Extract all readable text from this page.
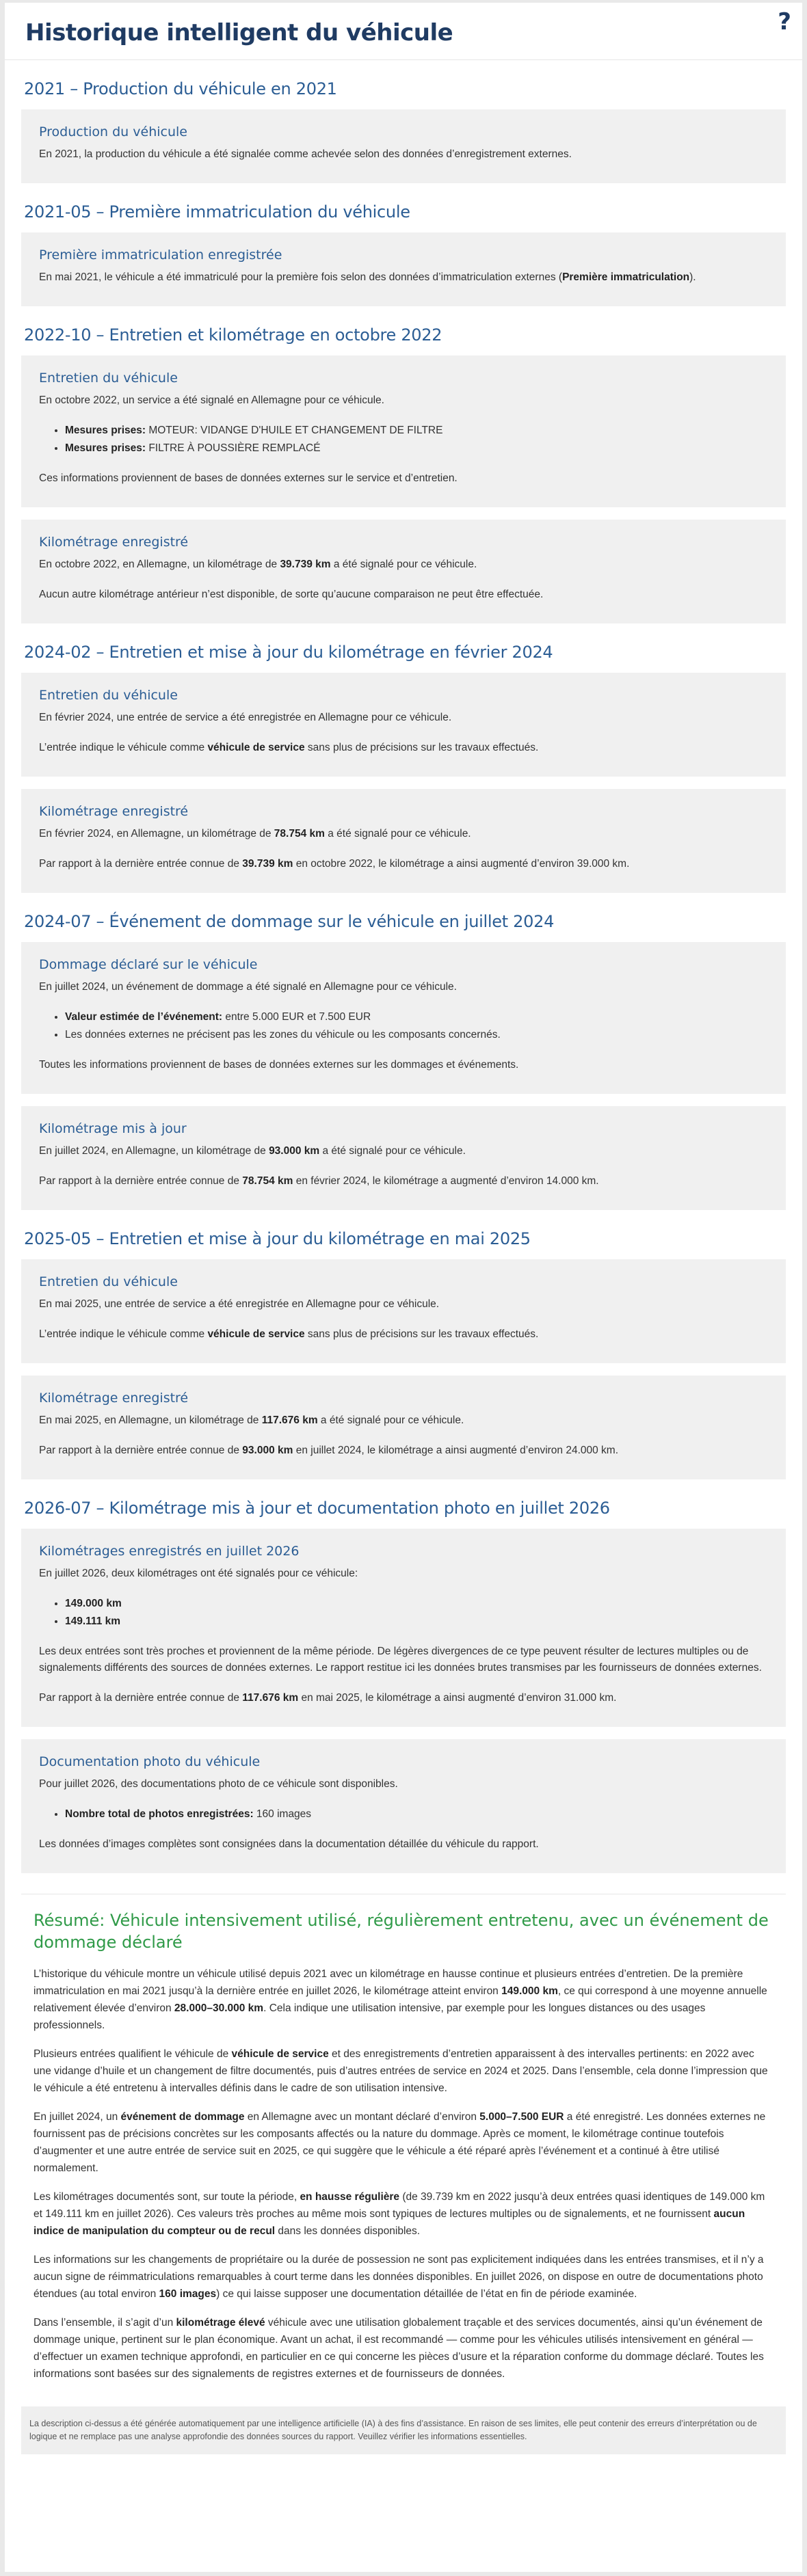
Historique intelligent du véhicule	?
2021 – Production du véhicule en 2021
Production du véhicule

En 2021, la production du véhicule a été signalée comme achevée selon des données d’enregistrement externes.

2021-05 – Première immatriculation du véhicule
Première immatriculation enregistrée

En mai 2021, le véhicule a été immatriculé pour la première fois selon des données d’immatriculation externes (Première immatriculation).

2022-10 – Entretien et kilométrage en octobre 2022
Entretien du véhicule

En octobre 2022, un service a été signalé en Allemagne pour ce véhicule.

• Mesures prises: MOTEUR: VIDANGE D'HUILE ET CHANGEMENT DE FILTRE
• Mesures prises: FILTRE À POUSSIÈRE REMPLACÉ

Ces informations proviennent de bases de données externes sur le service et d’entretien.

Kilométrage enregistré

En octobre 2022, en Allemagne, un kilométrage de 39.739 km a été signalé pour ce véhicule.

Aucun autre kilométrage antérieur n’est disponible, de sorte qu’aucune comparaison ne peut être effectuée.

2024-02 – Entretien et mise à jour du kilométrage en février 2024
Entretien du véhicule

En février 2024, une entrée de service a été enregistrée en Allemagne pour ce véhicule.

L’entrée indique le véhicule comme véhicule de service sans plus de précisions sur les travaux effectués.

Kilométrage enregistré

En février 2024, en Allemagne, un kilométrage de 78.754 km a été signalé pour ce véhicule.

Par rapport à la dernière entrée connue de 39.739 km en octobre 2022, le kilométrage a ainsi augmenté d’environ 39.000 km.

2024-07 – Événement de dommage sur le véhicule en juillet 2024
Dommage déclaré sur le véhicule

En juillet 2024, un événement de dommage a été signalé en Allemagne pour ce véhicule.

• Valeur estimée de l’événement: entre 5.000 EUR et 7.500 EUR
• Les données externes ne précisent pas les zones du véhicule ou les composants concernés.

Toutes les informations proviennent de bases de données externes sur les dommages et événements.

Kilométrage mis à jour

En juillet 2024, en Allemagne, un kilométrage de 93.000 km a été signalé pour ce véhicule.

Par rapport à la dernière entrée connue de 78.754 km en février 2024, le kilométrage a augmenté d’environ 14.000 km.

2025-05 – Entretien et mise à jour du kilométrage en mai 2025
Entretien du véhicule

En mai 2025, une entrée de service a été enregistrée en Allemagne pour ce véhicule.

L’entrée indique le véhicule comme véhicule de service sans plus de précisions sur les travaux effectués.

Kilométrage enregistré

En mai 2025, en Allemagne, un kilométrage de 117.676 km a été signalé pour ce véhicule.

Par rapport à la dernière entrée connue de 93.000 km en juillet 2024, le kilométrage a ainsi augmenté d’environ 24.000 km.

2026-07 – Kilométrage mis à jour et documentation photo en juillet 2026
Kilométrages enregistrés en juillet 2026

En juillet 2026, deux kilométrages ont été signalés pour ce véhicule:

• 149.000 km
• 149.111 km

Les deux entrées sont très proches et proviennent de la même période. De légères divergences de ce type peuvent résulter de lectures multiples ou de signalements différents des sources de données externes. Le rapport restitue ici les données brutes transmises par les fournisseurs de données externes.

Par rapport à la dernière entrée connue de 117.676 km en mai 2025, le kilométrage a ainsi augmenté d’environ 31.000 km.

Documentation photo du véhicule

Pour juillet 2026, des documentations photo de ce véhicule sont disponibles.

• Nombre total de photos enregistrées: 160 images

Les données d’images complètes sont consignées dans la documentation détaillée du véhicule du rapport.

Résumé: Véhicule intensivement utilisé, régulièrement entretenu, avec un événement de dommage déclaré

L’historique du véhicule montre un véhicule utilisé depuis 2021 avec un kilométrage en hausse continue et plusieurs entrées d’entretien. De la première immatriculation en mai 2021 jusqu’à la dernière entrée en juillet 2026, le kilométrage atteint environ 149.000 km, ce qui correspond à une moyenne annuelle relativement élevée d’environ 28.000–30.000 km. Cela indique une utilisation intensive, par exemple pour les longues distances ou des usages professionnels.

Plusieurs entrées qualifient le véhicule de véhicule de service et des enregistrements d’entretien apparaissent à des intervalles pertinents: en 2022 avec une vidange d’huile et un changement de filtre documentés, puis d’autres entrées de service en 2024 et 2025. Dans l’ensemble, cela donne l’impression que le véhicule a été entretenu à intervalles définis dans le cadre de son utilisation intensive.

En juillet 2024, un événement de dommage en Allemagne avec un montant déclaré d’environ 5.000–7.500 EUR a été enregistré. Les données externes ne fournissent pas de précisions concrètes sur les composants affectés ou la nature du dommage. Après ce moment, le kilométrage continue toutefois d’augmenter et une autre entrée de service suit en 2025, ce qui suggère que le véhicule a été réparé après l’événement et a continué à être utilisé normalement.

Les kilométrages documentés sont, sur toute la période, en hausse régulière (de 39.739 km en 2022 jusqu’à deux entrées quasi identiques de 149.000 km et 149.111 km en juillet 2026). Ces valeurs très proches au même mois sont typiques de lectures multiples ou de signalements, et ne fournissent aucun indice de manipulation du compteur ou de recul dans les données disponibles.

Les informations sur les changements de propriétaire ou la durée de possession ne sont pas explicitement indiquées dans les entrées transmises, et il n’y a aucun signe de réimmatriculations remarquables à court terme dans les données disponibles. En juillet 2026, on dispose en outre de documentations photo étendues (au total environ 160 images) ce qui laisse supposer une documentation détaillée de l’état en fin de période examinée.

Dans l’ensemble, il s’agit d’un kilométrage élevé véhicule avec une utilisation globalement traçable et des services documentés, ainsi qu’un événement de dommage unique, pertinent sur le plan économique. Avant un achat, il est recommandé — comme pour les véhicules utilisés intensivement en général — d’effectuer un examen technique approfondi, en particulier en ce qui concerne les pièces d’usure et la réparation conforme du dommage déclaré. Toutes les informations sont basées sur des signalements de registres externes et de fournisseurs de données.

La description ci-dessus a été générée automatiquement par une intelligence artificielle (IA) à des fins d’assistance. En raison de ses limites, elle peut contenir des erreurs d’interprétation ou de logique et ne remplace pas une analyse approfondie des données sources du rapport. Veuillez vérifier les informations essentielles.
